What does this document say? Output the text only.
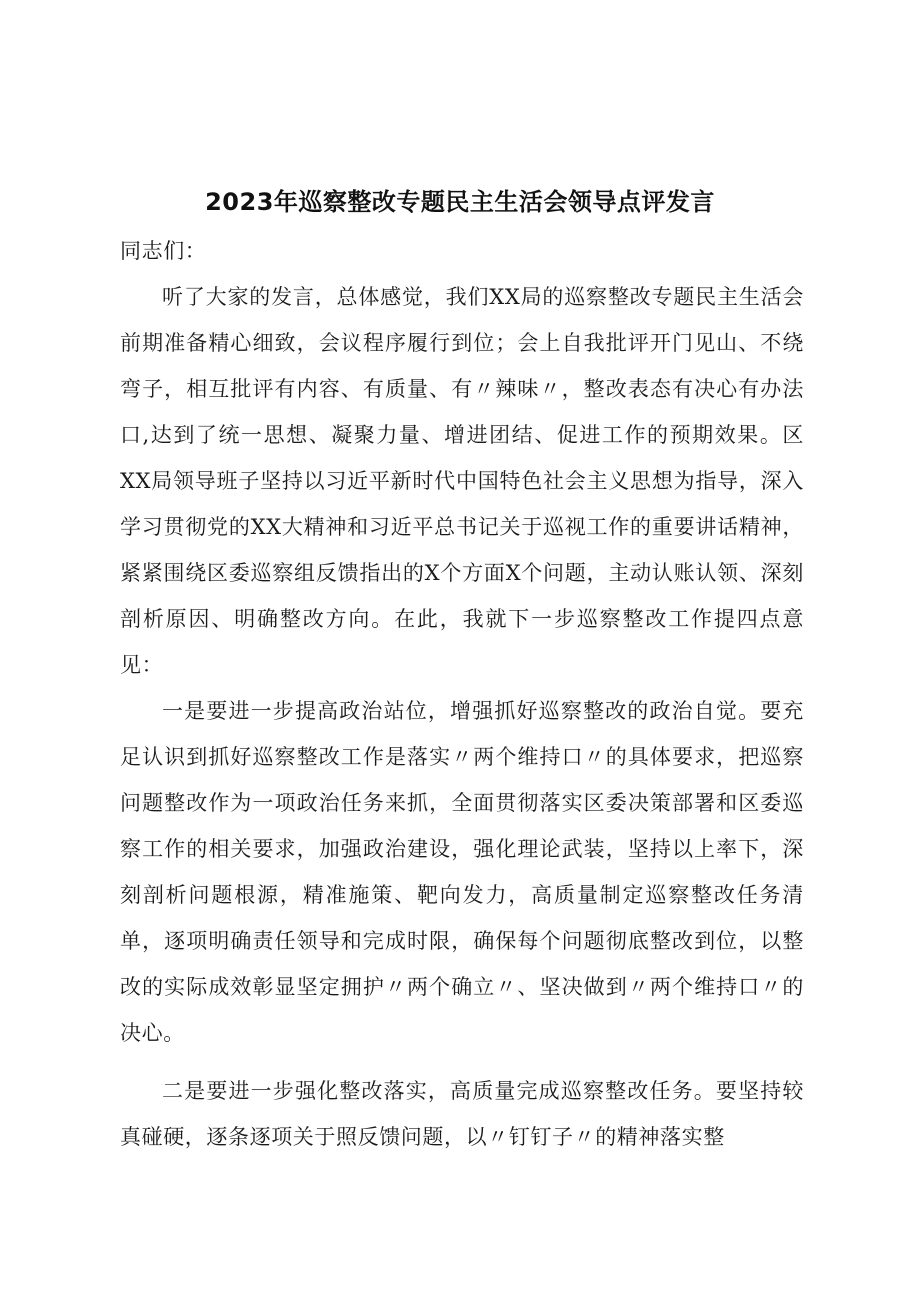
2023年巡察整改专题民主生活会领导点评发言

同志们：

听了大家的发言，总体感觉，我们XX局的巡察整改专题民主生活会前期准备精心细致，会议程序履行到位；会上自我批评开门见山、不绕弯子，相互批评有内容、有质量、有〃辣味〃，整改表态有决心有办法口,达到了统一思想、凝聚力量、增进团结、促进工作的预期效果。区XX局领导班子坚持以习近平新时代中国特色社会主义思想为指导，深入学习贯彻党的XX大精神和习近平总书记关于巡视工作的重要讲话精神，紧紧围绕区委巡察组反馈指出的X个方面X个问题，主动认账认领、深刻剖析原因、明确整改方向。在此，我就下一步巡察整改工作提四点意见：

一是要进一步提高政治站位，增强抓好巡察整改的政治自觉。要充足认识到抓好巡察整改工作是落实〃两个维持口〃的具体要求，把巡察问题整改作为一项政治任务来抓，全面贯彻落实区委决策部署和区委巡察工作的相关要求，加强政治建设，强化理论武装，坚持以上率下，深刻剖析问题根源，精准施策、靶向发力，高质量制定巡察整改任务清单，逐项明确责任领导和完成时限，确保每个问题彻底整改到位，以整改的实际成效彰显坚定拥护〃两个确立〃、坚决做到〃两个维持口〃的决心。

二是要进一步强化整改落实，高质量完成巡察整改任务。要坚持较真碰硬，逐条逐项关于照反馈问题，以〃钉钉子〃的精神落实整
